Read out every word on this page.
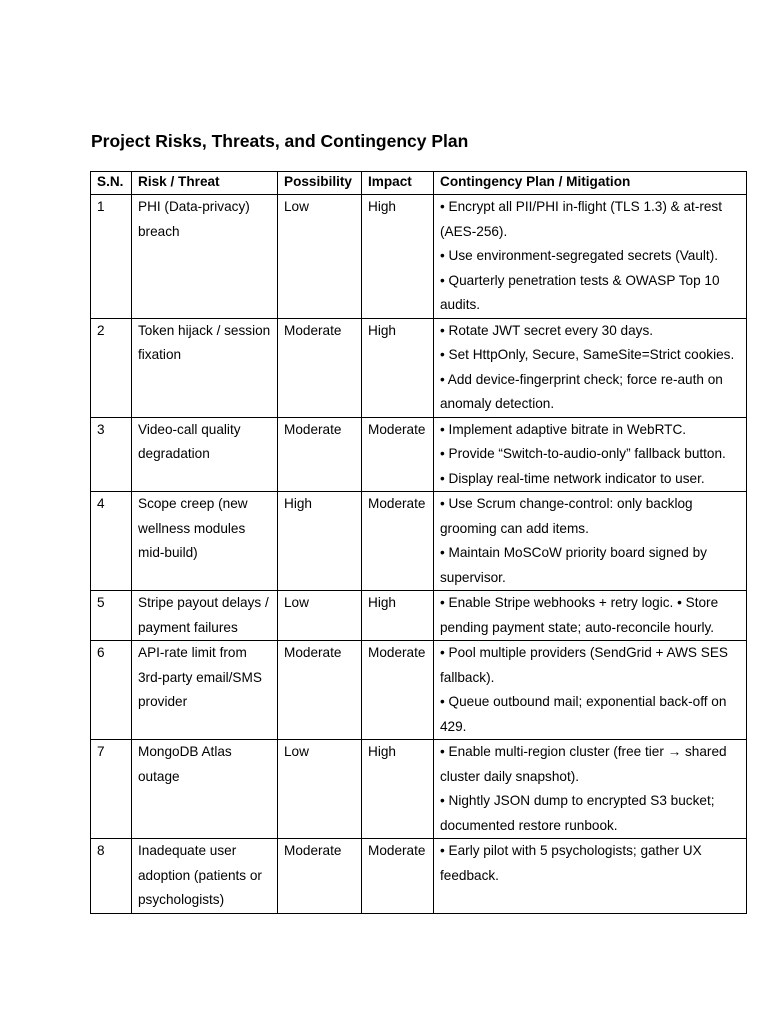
Project Risks, Threats, and Contingency Plan
S.N.	Risk / Threat	Possibility	Impact	Contingency Plan / Mitigation
1	PHI (Data-privacy) breach	Low	High	• Encrypt all PII/PHI in-flight (TLS 1.3) & at-rest (AES-256).
• Use environment-segregated secrets (Vault).
• Quarterly penetration tests & OWASP Top 10 audits.

2	Token hijack / session fixation	Moderate	High	• Rotate JWT secret every 30 days.
• Set HttpOnly, Secure, SameSite=Strict cookies.
• Add device-fingerprint check; force re-auth on anomaly detection.

3	Video-call quality degradation	Moderate	Moderate	• Implement adaptive bitrate in WebRTC.
• Provide “Switch-to-audio-only” fallback button.
• Display real-time network indicator to user.

4	Scope creep (new wellness modules mid-build)	High	Moderate	• Use Scrum change-control: only backlog grooming can add items.
• Maintain MoSCoW priority board signed by supervisor.

5	Stripe payout delays / payment failures	Low	High	• Enable Stripe webhooks + retry logic. • Store pending payment state; auto-reconcile hourly.

6	API-rate limit from 3rd-party email/SMS provider	Moderate	Moderate	• Pool multiple providers (SendGrid + AWS SES fallback).
• Queue outbound mail; exponential back-off on 429.

7	MongoDB Atlas outage	Low	High	• Enable multi-region cluster (free tier → shared cluster daily snapshot).
• Nightly JSON dump to encrypted S3 bucket; documented restore runbook.

8	Inadequate user adoption (patients or psychologists)	Moderate	Moderate	• Early pilot with 5 psychologists; gather UX feedback.
